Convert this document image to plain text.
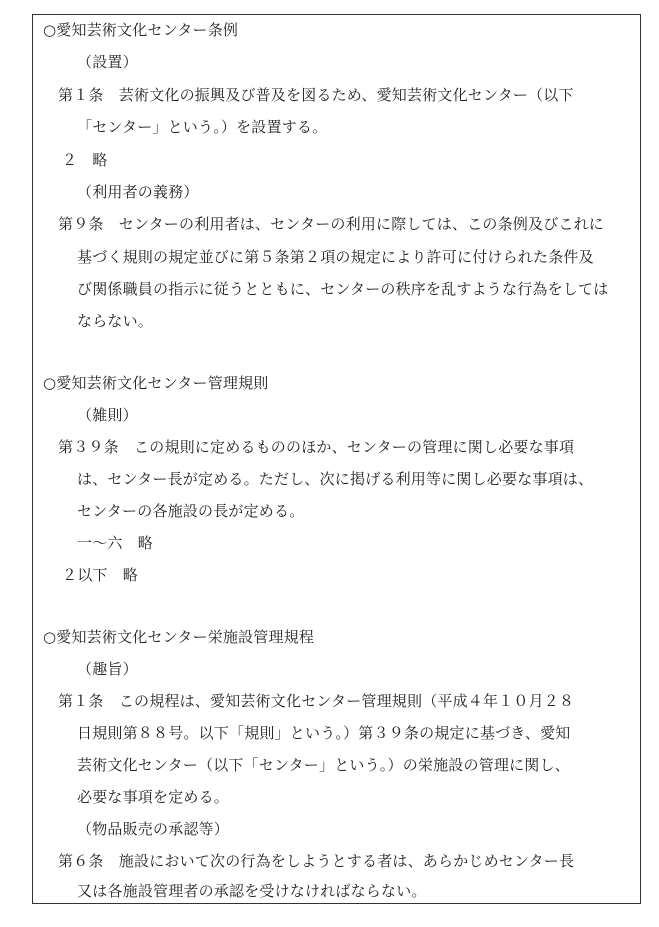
○愛知芸術文化センター条例
（設置）
第１条　芸術文化の振興及び普及を図るため、愛知芸術文化センター（以下
「センター」という。）を設置する。
２　略
（利用者の義務）
第９条　センターの利用者は、センターの利用に際しては、この条例及びこれに
基づく規則の規定並びに第５条第２項の規定により許可に付けられた条件及
び関係職員の指示に従うとともに、センターの秩序を乱すような行為をしては
ならない。
○愛知芸術文化センター管理規則
（雑則）
第３９条　この規則に定めるもののほか、センターの管理に関し必要な事項
は、センター長が定める。ただし、次に掲げる利用等に関し必要な事項は、
センターの各施設の長が定める。
一～六　略
２以下　略
○愛知芸術文化センター栄施設管理規程
（趣旨）
第１条　この規程は、愛知芸術文化センター管理規則（平成４年１０月２８
日規則第８８号。以下「規則」という。）第３９条の規定に基づき、愛知
芸術文化センター（以下「センター」という。）の栄施設の管理に関し、
必要な事項を定める。
（物品販売の承認等）
第６条　施設において次の行為をしようとする者は、あらかじめセンター長
又は各施設管理者の承認を受けなければならない。
